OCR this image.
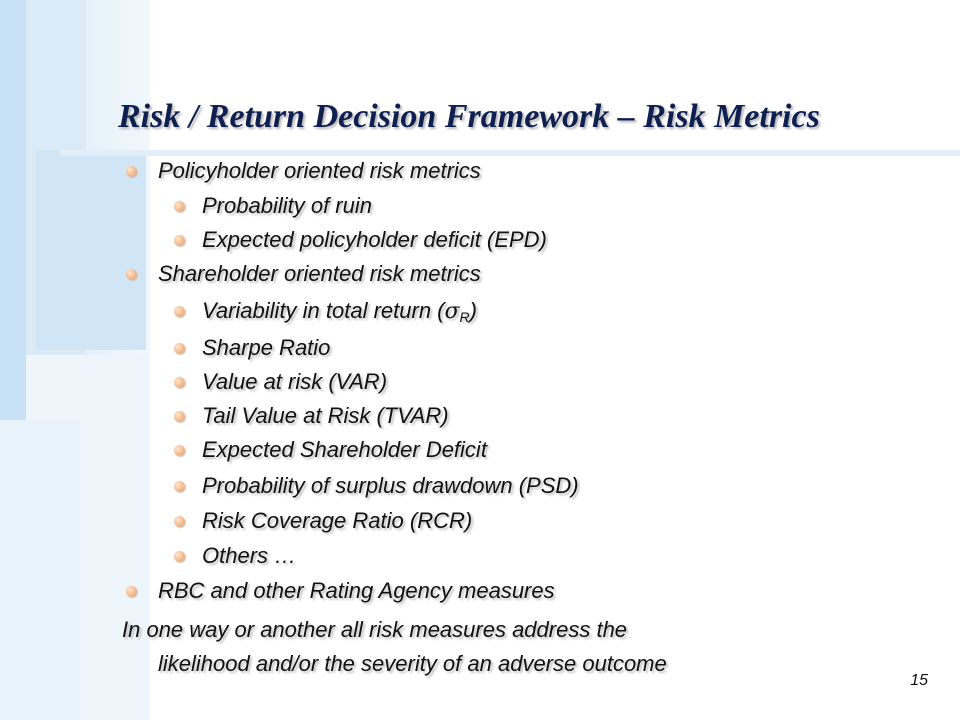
Risk / Return Decision Framework – Risk Metrics
Policyholder oriented risk metrics
Probability of ruin
Expected policyholder deficit (EPD)
Shareholder oriented risk metrics
Variability in total return $(\sigma_R)$
Sharpe Ratio
Value at risk (VAR)
Tail Value at Risk (TVAR)
Expected Shareholder Deficit
Probability of surplus drawdown (PSD)
Risk Coverage Ratio (RCR)
Others …
RBC and other Rating Agency measures
In one way or another all risk measures address the
likelihood and/or the severity of an adverse outcome
15
